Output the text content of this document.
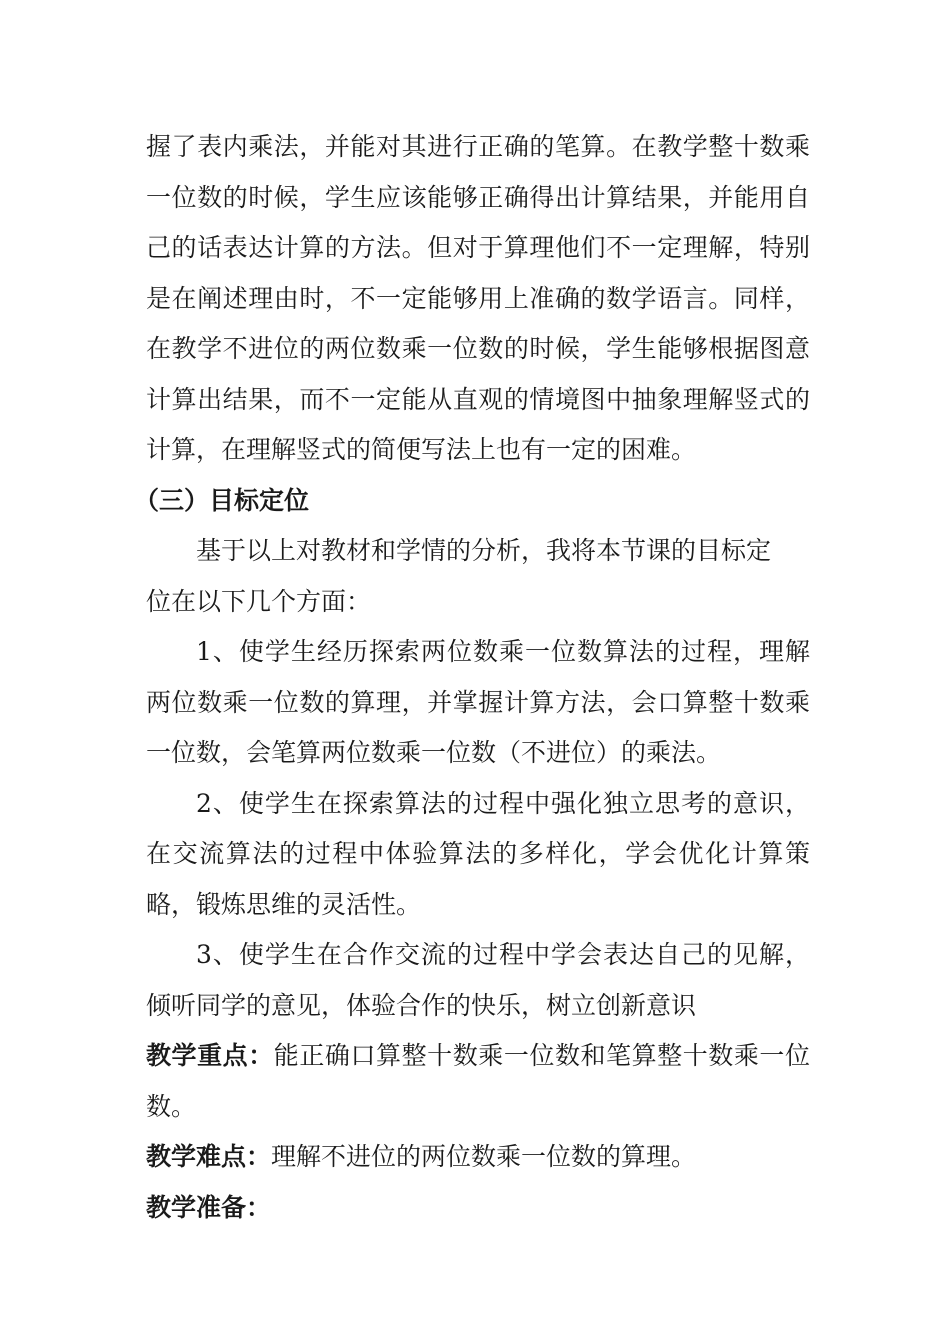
握了表内乘法，并能对其进行正确的笔算。在教学整十数乘一位数的时候，学生应该能够正确得出计算结果，并能用自己的话表达计算的方法。但对于算理他们不一定理解，特别是在阐述理由时，不一定能够用上准确的数学语言。同样，在教学不进位的两位数乘一位数的时候，学生能够根据图意计算出结果，而不一定能从直观的情境图中抽象理解竖式的计算，在理解竖式的简便写法上也有一定的困难。

（三）目标定位

基于以上对教材和学情的分析，我将本节课的目标定

位在以下几个方面：

1、使学生经历探索两位数乘一位数算法的过程，理解两位数乘一位数的算理，并掌握计算方法，会口算整十数乘一位数，会笔算两位数乘一位数（不进位）的乘法。

2、使学生在探索算法的过程中强化独立思考的意识，在交流算法的过程中体验算法的多样化，学会优化计算策略，锻炼思维的灵活性。

3、使学生在合作交流的过程中学会表达自己的见解，倾听同学的意见，体验合作的快乐，树立创新意识

教学重点：能正确口算整十数乘一位数和笔算整十数乘一位数。

教学难点：理解不进位的两位数乘一位数的算理。

教学准备：
